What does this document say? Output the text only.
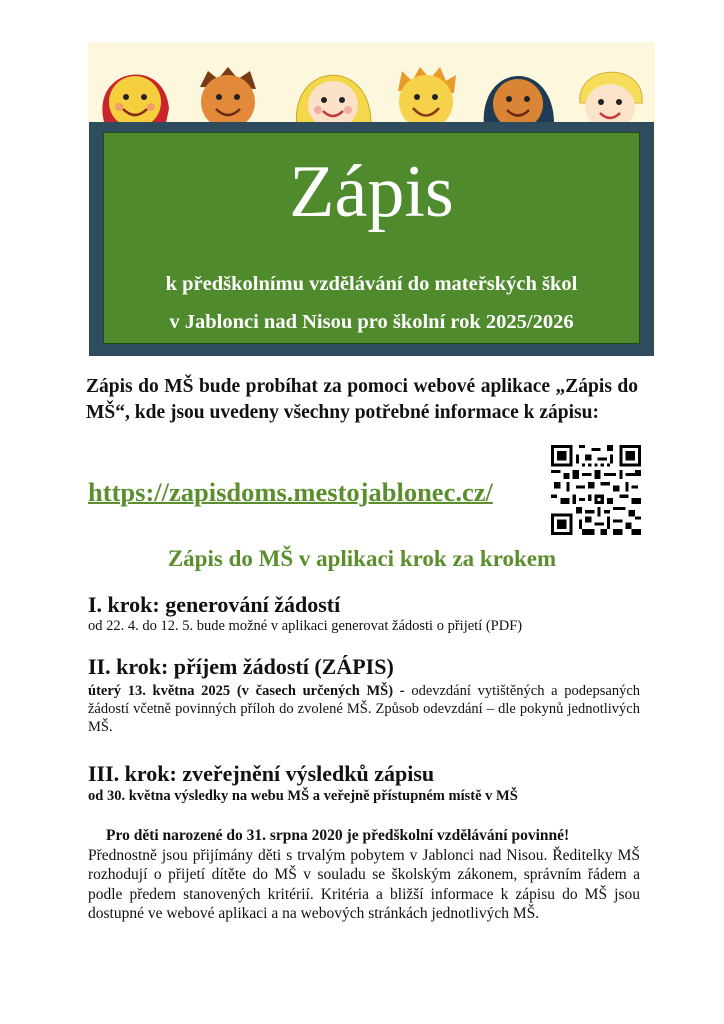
Zápis
k předškolnímu vzdělávání do mateřských škol
v Jablonci nad Nisou pro školní rok 2025/2026
Zápis do MŠ bude probíhat za pomoci webové aplikace „Zápis do MŠ“, kde jsou uvedeny všechny potřebné informace k zápisu:
https://zapisdoms.mestojablonec.cz/
Zápis do MŠ v aplikaci krok za krokem
I. krok: generování žádostí
od 22. 4. do 12. 5. bude možné v aplikaci generovat žádosti o přijetí (PDF)
II. krok: příjem žádostí (ZÁPIS)
úterý 13. května 2025 (v časech určených MŠ) - odevzdání vytištěných a podepsaných žádostí včetně povinných příloh do zvolené MŠ. Způsob odevzdání – dle pokynů jednotlivých MŠ.
III. krok: zveřejnění výsledků zápisu
od 30. května výsledky na webu MŠ a veřejně přístupném místě v MŠ
Pro děti narozené do 31. srpna 2020 je předškolní vzdělávání povinné!
Přednostně jsou přijímány děti s trvalým pobytem v Jablonci nad Nisou. Ředitelky MŠ rozhodují o přijetí dítěte do MŠ v souladu se školským zákonem, správním řádem a podle předem stanovených kritérií. Kritéria a bližší informace k zápisu do MŠ jsou dostupné ve webové aplikaci a na webových stránkách jednotlivých MŠ.
